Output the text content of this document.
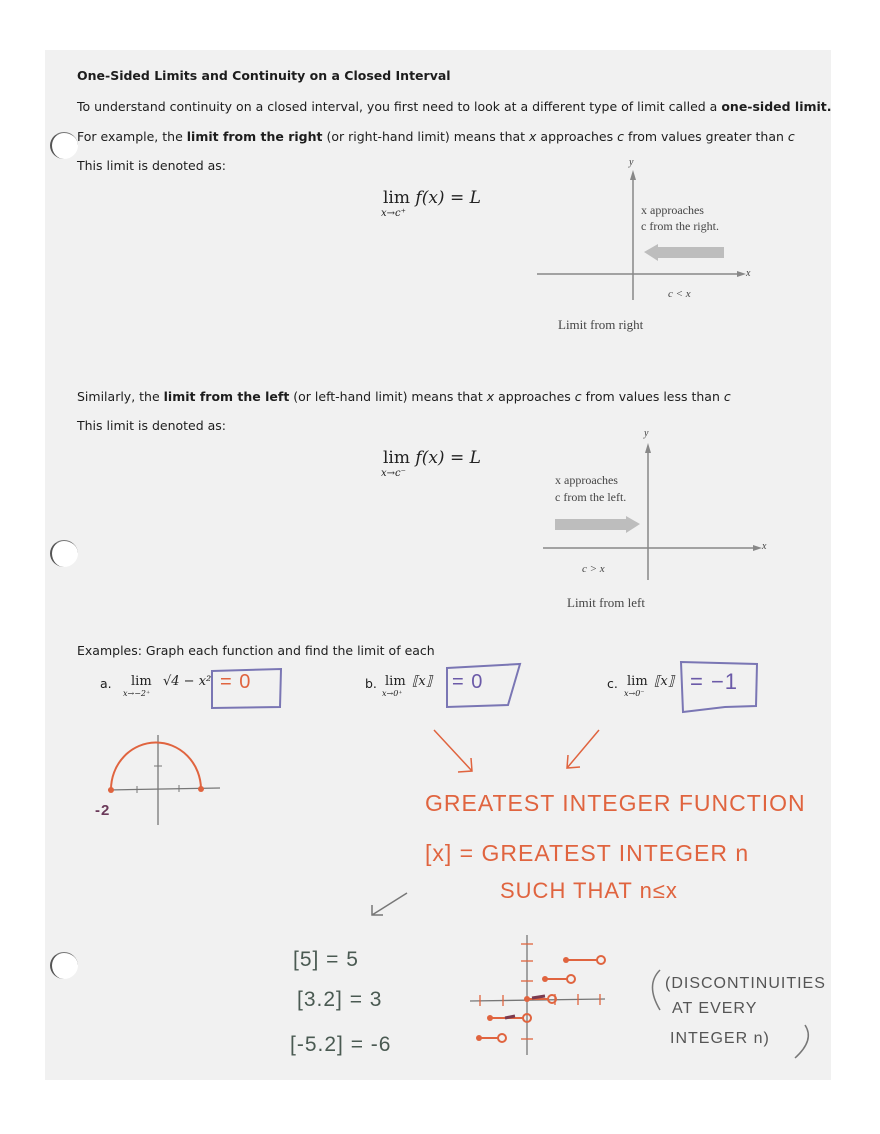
One-Sided Limits and Continuity on a Closed Interval
To understand continuity on a closed interval, you first need to look at a different type of limit called a one-sided limit.
For example, the limit from the right (or right-hand limit) means that x approaches c from values greater than c
This limit is denoted as:
lim f(x) = L
x→c⁺
y
x
x approaches
c from the right.
c < x
Limit from right
Similarly, the limit from the left (or left-hand limit) means that x approaches c from values less than c
This limit is denoted as:
lim f(x) = L
x→c⁻
y
x
x approaches
c from the left.
c > x
Limit from left
Examples: Graph each function and find the limit of each
a. lim
x→−2⁺
√4 − x² = 0	b. lim
x→0⁺
⟦x⟧ = 0	c. lim
x→0⁻
⟦x⟧ = −1
-2	GREATEST INTEGER FUNCTION
[x] = GREATEST INTEGER n
SUCH THAT n≤x
[5] = 5
[3.2] = 3
[-5.2] = -6
(DISCONTINUITIES
AT EVERY
INTEGER n)
